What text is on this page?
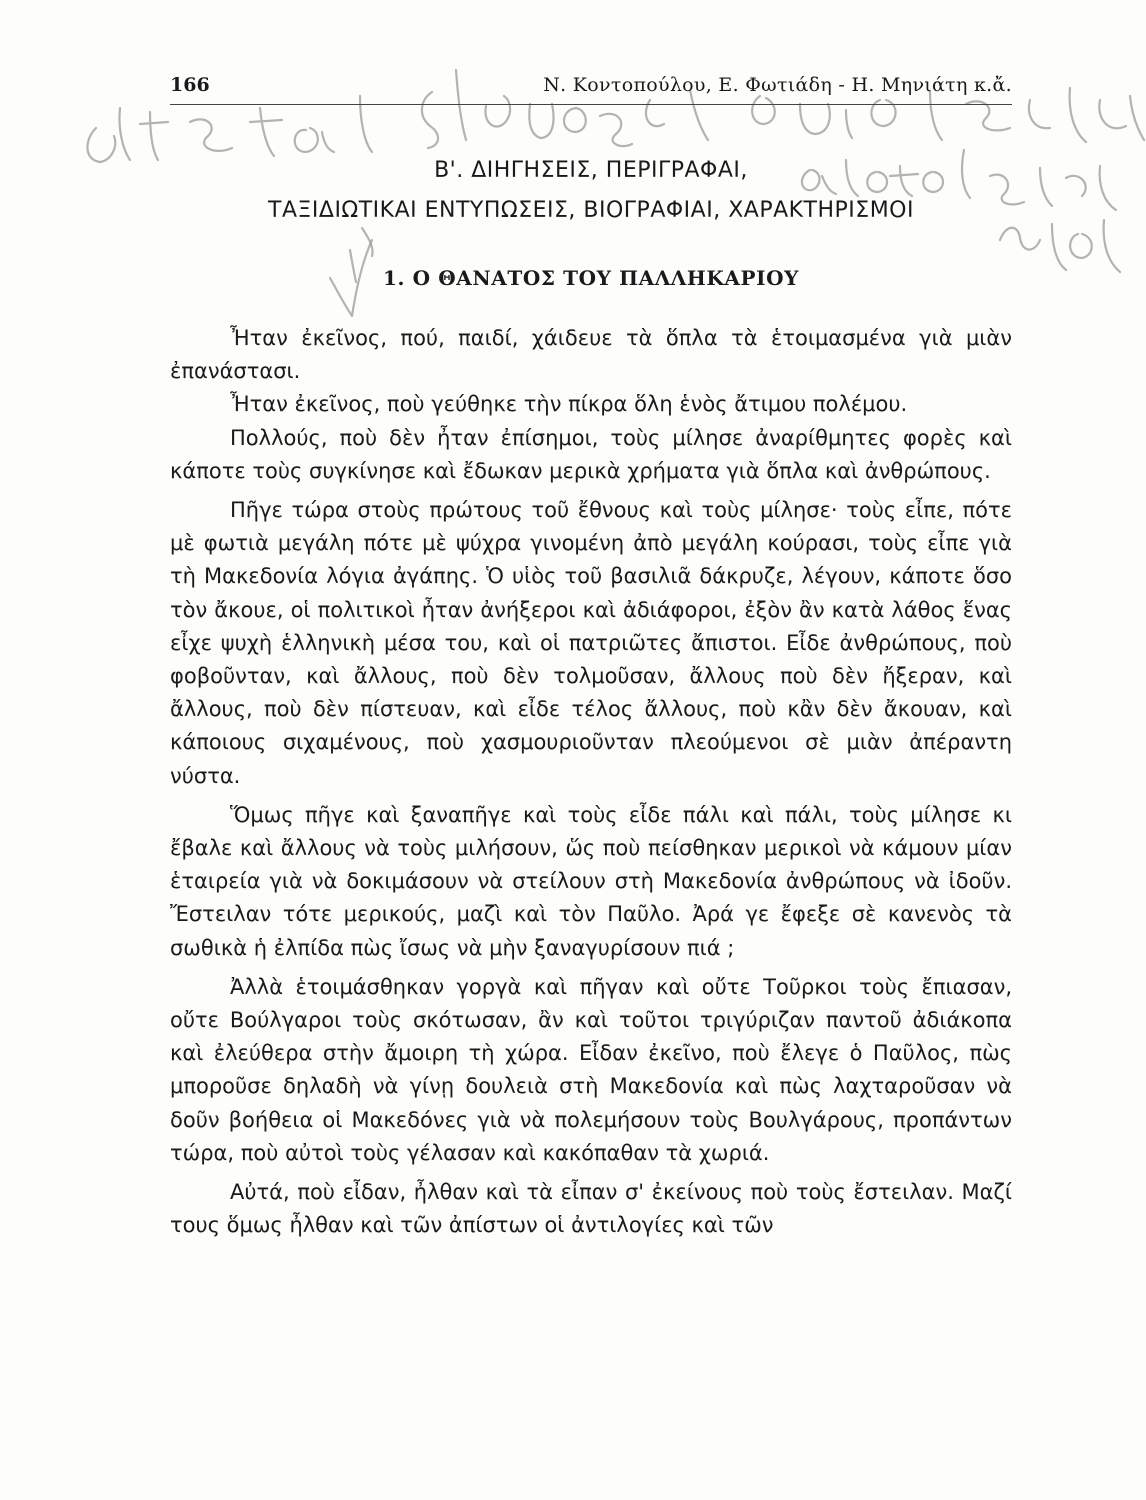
166	Ν. Κοντοπούλου, Ε. Φωτιάδη - Η. Μηνιάτη κ.ἄ.
Β'. ΔΙΗΓΗΣΕΙΣ, ΠΕΡΙΓΡΑΦΑΙ,
ΤΑΞΙΔΙΩΤΙΚΑΙ ΕΝΤΥΠΩΣΕΙΣ, ΒΙΟΓΡΑΦΙΑΙ, ΧΑΡΑΚΤΗΡΙΣΜΟΙ
1. Ο ΘΑΝΑΤΟΣ ΤΟΥ ΠΑΛΛΗΚΑΡΙΟΥ

Ἦταν ἐκεῖνος, πού, παιδί, χάιδευε τὰ ὅπλα τὰ ἑτοιμασμένα γιὰ μιὰν ἐπανάστασι.

Ἦταν ἐκεῖνος, ποὺ γεύθηκε τὴν πίκρα ὅλη ἑνὸς ἄτιμου πολέμου.

Πολλούς, ποὺ δὲν ἦταν ἐπίσημοι, τοὺς μίλησε ἀναρίθμητες φορὲς καὶ κάποτε τοὺς συγκίνησε καὶ ἔδωκαν μερικὰ χρήματα γιὰ ὅπλα καὶ ἀνθρώπους.

Πῆγε τώρα στοὺς πρώτους τοῦ ἔθνους καὶ τοὺς μίλησε· τοὺς εἶπε, πότε μὲ φωτιὰ μεγάλη πότε μὲ ψύχρα γινομένη ἀπὸ μεγάλη κούρασι, τοὺς εἶπε γιὰ τὴ Μακεδονία λόγια ἀγάπης. Ὁ υἱὸς τοῦ βασιλιᾶ δάκρυζε, λέγουν, κάποτε ὅσο τὸν ἄκουε, οἱ πολιτικοὶ ἦταν ἀνήξεροι καὶ ἀδιάφοροι, ἐξὸν ἂν κατὰ λάθος ἕνας εἶχε ψυχὴ ἑλληνικὴ μέσα του, καὶ οἱ πατριῶτες ἄπιστοι. Εἶδε ἀνθρώπους, ποὺ φοβοῦνταν, καὶ ἄλλους, ποὺ δὲν τολμοῦσαν, ἄλλους ποὺ δὲν ἤξεραν, καὶ ἄλλους, ποὺ δὲν πίστευαν, καὶ εἶδε τέλος ἄλλους, ποὺ κἂν δὲν ἄκουαν, καὶ κάποιους σιχαμένους, ποὺ χασμουριοῦνταν πλεούμενοι σὲ μιὰν ἀπέραντη νύστα.

Ὅμως πῆγε καὶ ξαναπῆγε καὶ τοὺς εἶδε πάλι καὶ πάλι, τοὺς μίλησε κι ἔβαλε καὶ ἄλλους νὰ τοὺς μιλήσουν, ὥς ποὺ πείσθηκαν μερικοὶ νὰ κάμουν μίαν ἑταιρεία γιὰ νὰ δοκιμάσουν νὰ στείλουν στὴ Μακεδονία ἀνθρώπους νὰ ἰδοῦν. Ἔστειλαν τότε μερικούς, μαζὶ καὶ τὸν Παῦλο. Ἀρά γε ἔφεξε σὲ κανενὸς τὰ σωθικὰ ἡ ἐλπίδα πὼς ἴσως νὰ μὴν ξαναγυρίσουν πιά ;

Ἀλλὰ ἑτοιμάσθηκαν γοργὰ καὶ πῆγαν καὶ οὔτε Τοῦρκοι τοὺς ἔπιασαν, οὔτε Βούλγαροι τοὺς σκότωσαν, ἂν καὶ τοῦτοι τριγύριζαν παντοῦ ἀδιάκοπα καὶ ἐλεύθερα στὴν ἄμοιρη τὴ χώρα. Εἶδαν ἐκεῖνο, ποὺ ἔλεγε ὁ Παῦλος, πὼς μποροῦσε δηλαδὴ νὰ γίνῃ δουλειὰ στὴ Μακεδονία καὶ πὼς λαχταροῦσαν νὰ δοῦν βοήθεια οἱ Μακεδόνες γιὰ νὰ πολεμήσουν τοὺς Βουλγάρους, προπάντων τώρα, ποὺ αὐτοὶ τοὺς γέλασαν καὶ κακόπαθαν τὰ χωριά.

Αὐτά, ποὺ εἶδαν, ἦλθαν καὶ τὰ εἶπαν σ' ἐκείνους ποὺ τοὺς ἔστειλαν. Μαζί τους ὅμως ἦλθαν καὶ τῶν ἀπίστων οἱ ἀντιλογίες καὶ τῶν
